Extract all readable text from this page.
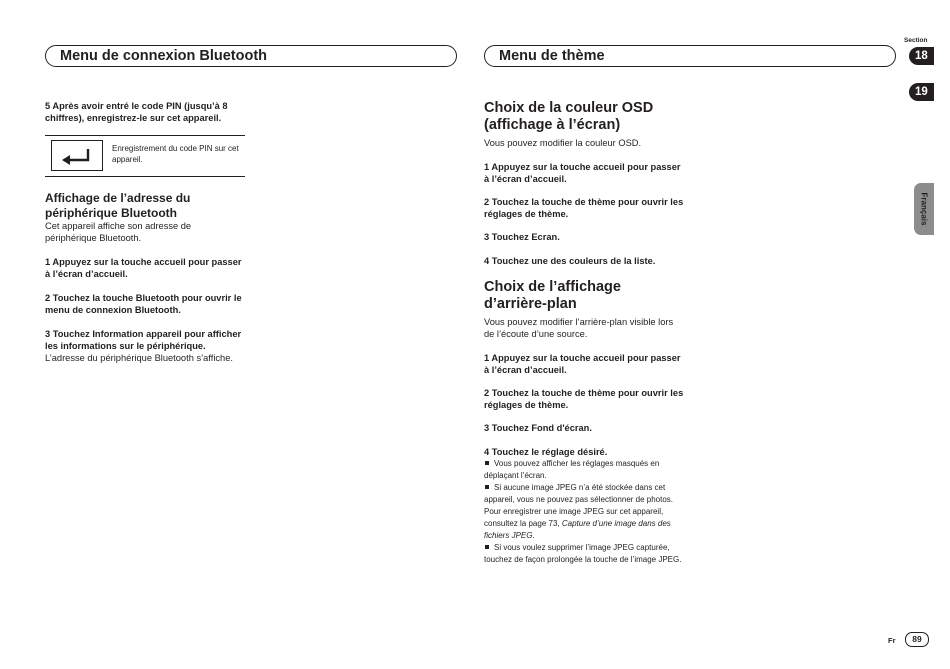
Menu de connexion Bluetooth	Menu de thème
Section
18
19
Français

5 Après avoir entré le code PIN (jusqu’à 8 chiffres), enregistrez-le sur cet appareil.

Enregistrement du code PIN sur cet appareil.

Affichage de l’adresse du périphérique Bluetooth

Cet appareil affiche son adresse de périphérique Bluetooth.

1 Appuyez sur la touche accueil pour passer à l’écran d’accueil.

2 Touchez la touche Bluetooth pour ouvrir le menu de connexion Bluetooth.

3 Touchez Information appareil pour afficher les informations sur le périphérique.

L’adresse du périphérique Bluetooth s’affiche.

Choix de la couleur OSD (affichage à l’écran)

Vous pouvez modifier la couleur OSD.

1 Appuyez sur la touche accueil pour passer à l’écran d’accueil.

2 Touchez la touche de thème pour ouvrir les réglages de thème.

3 Touchez Ecran.

4 Touchez une des couleurs de la liste.

Choix de l’affichage d’arrière-plan

Vous pouvez modifier l’arrière-plan visible lors de l’écoute d’une source.

1 Appuyez sur la touche accueil pour passer à l’écran d’accueil.

2 Touchez la touche de thème pour ouvrir les réglages de thème.

3 Touchez Fond d'écran.

4 Touchez le réglage désiré.

Vous pouvez afficher les réglages masqués en déplaçant l’écran.

Si aucune image JPEG n’a été stockée dans cet appareil, vous ne pouvez pas sélectionner de photos. Pour enregistrer une image JPEG sur cet appareil, consultez la page 73, Capture d’une image dans des fichiers JPEG.

Si vous voulez supprimer l’image JPEG capturée, touchez de façon prolongée la touche de l’image JPEG.

Fr	89
